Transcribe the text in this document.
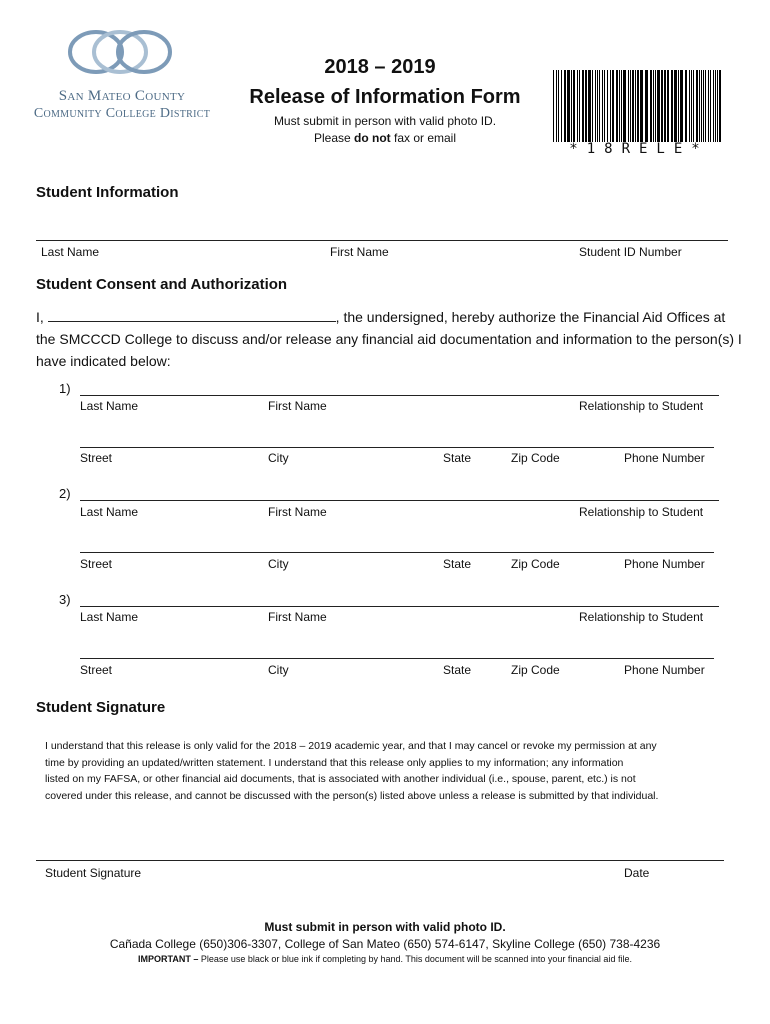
San Mateo County
Community College District
2018 – 2019
Release of Information Form
Must submit in person with valid photo ID.
Please do not fax or email
*18RELE*
Student Information
Last Name	First Name	Student ID Number
Student Consent and Authorization
I,	, the undersigned, hereby authorize the Financial Aid Offices at
the SMCCCD College to discuss and/or release any financial aid documentation and information to the person(s) I
have indicated below:
1)
Last Name	First Name	Relationship to Student
Street	City	State	Zip Code	Phone Number
2)
Last Name	First Name	Relationship to Student
Street	City	State	Zip Code	Phone Number
3)
Last Name	First Name	Relationship to Student
Street	City	State	Zip Code	Phone Number
Student Signature
I understand that this release is only valid for the 2018 – 2019 academic year, and that I may cancel or revoke my permission at any
time by providing an updated/written statement. I understand that this release only applies to my information; any information
listed on my FAFSA, or other financial aid documents, that is associated with another individual (i.e., spouse, parent, etc.) is not
covered under this release, and cannot be discussed with the person(s) listed above unless a release is submitted by that individual.
Student Signature	Date
Must submit in person with valid photo ID.
Cañada College (650)306-3307, College of San Mateo (650) 574-6147, Skyline College (650) 738-4236
IMPORTANT – Please use black or blue ink if completing by hand. This document will be scanned into your financial aid file.
